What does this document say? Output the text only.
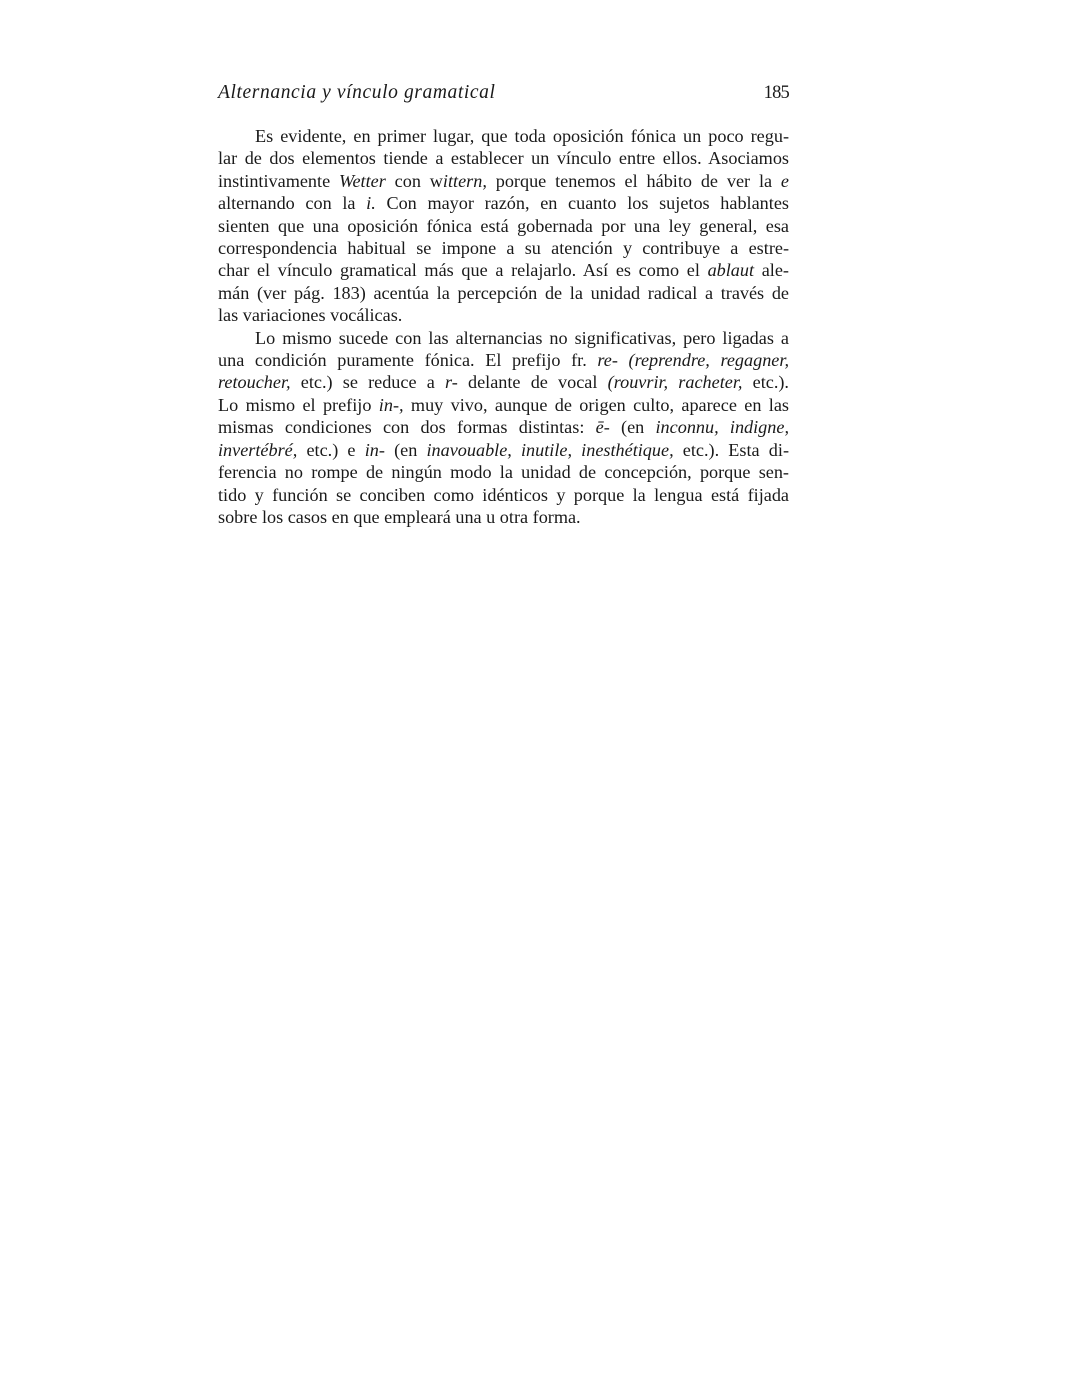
Alternancia y vínculo gramatical	185

Es evidente, en primer lugar, que toda oposición fónica un poco regu-
lar de dos elementos tiende a establecer un vínculo entre ellos. Asociamos
instintivamente Wetter con wittern, porque tenemos el hábito de ver la e
alternando con la i. Con mayor razón, en cuanto los sujetos hablantes
sienten que una oposición fónica está gobernada por una ley general, esa
correspondencia habitual se impone a su atención y contribuye a estre-
char el vínculo gramatical más que a relajarlo. Así es como el ablaut ale-
mán (ver pág. 183) acentúa la percepción de la unidad radical a través de
las variaciones vocálicas.

Lo mismo sucede con las alternancias no significativas, pero ligadas a
una condición puramente fónica. El prefijo fr. re- (reprendre, regagner,
retoucher, etc.) se reduce a r- delante de vocal (rouvrir, racheter, etc.).
Lo mismo el prefijo in-, muy vivo, aunque de origen culto, aparece en las
mismas condiciones con dos formas distintas: ē- (en inconnu, indigne,
invertébré, etc.) e in- (en inavouable, inutile, inesthétique, etc.). Esta di-
ferencia no rompe de ningún modo la unidad de concepción, porque sen-
tido y función se conciben como idénticos y porque la lengua está fijada
sobre los casos en que empleará una u otra forma.
